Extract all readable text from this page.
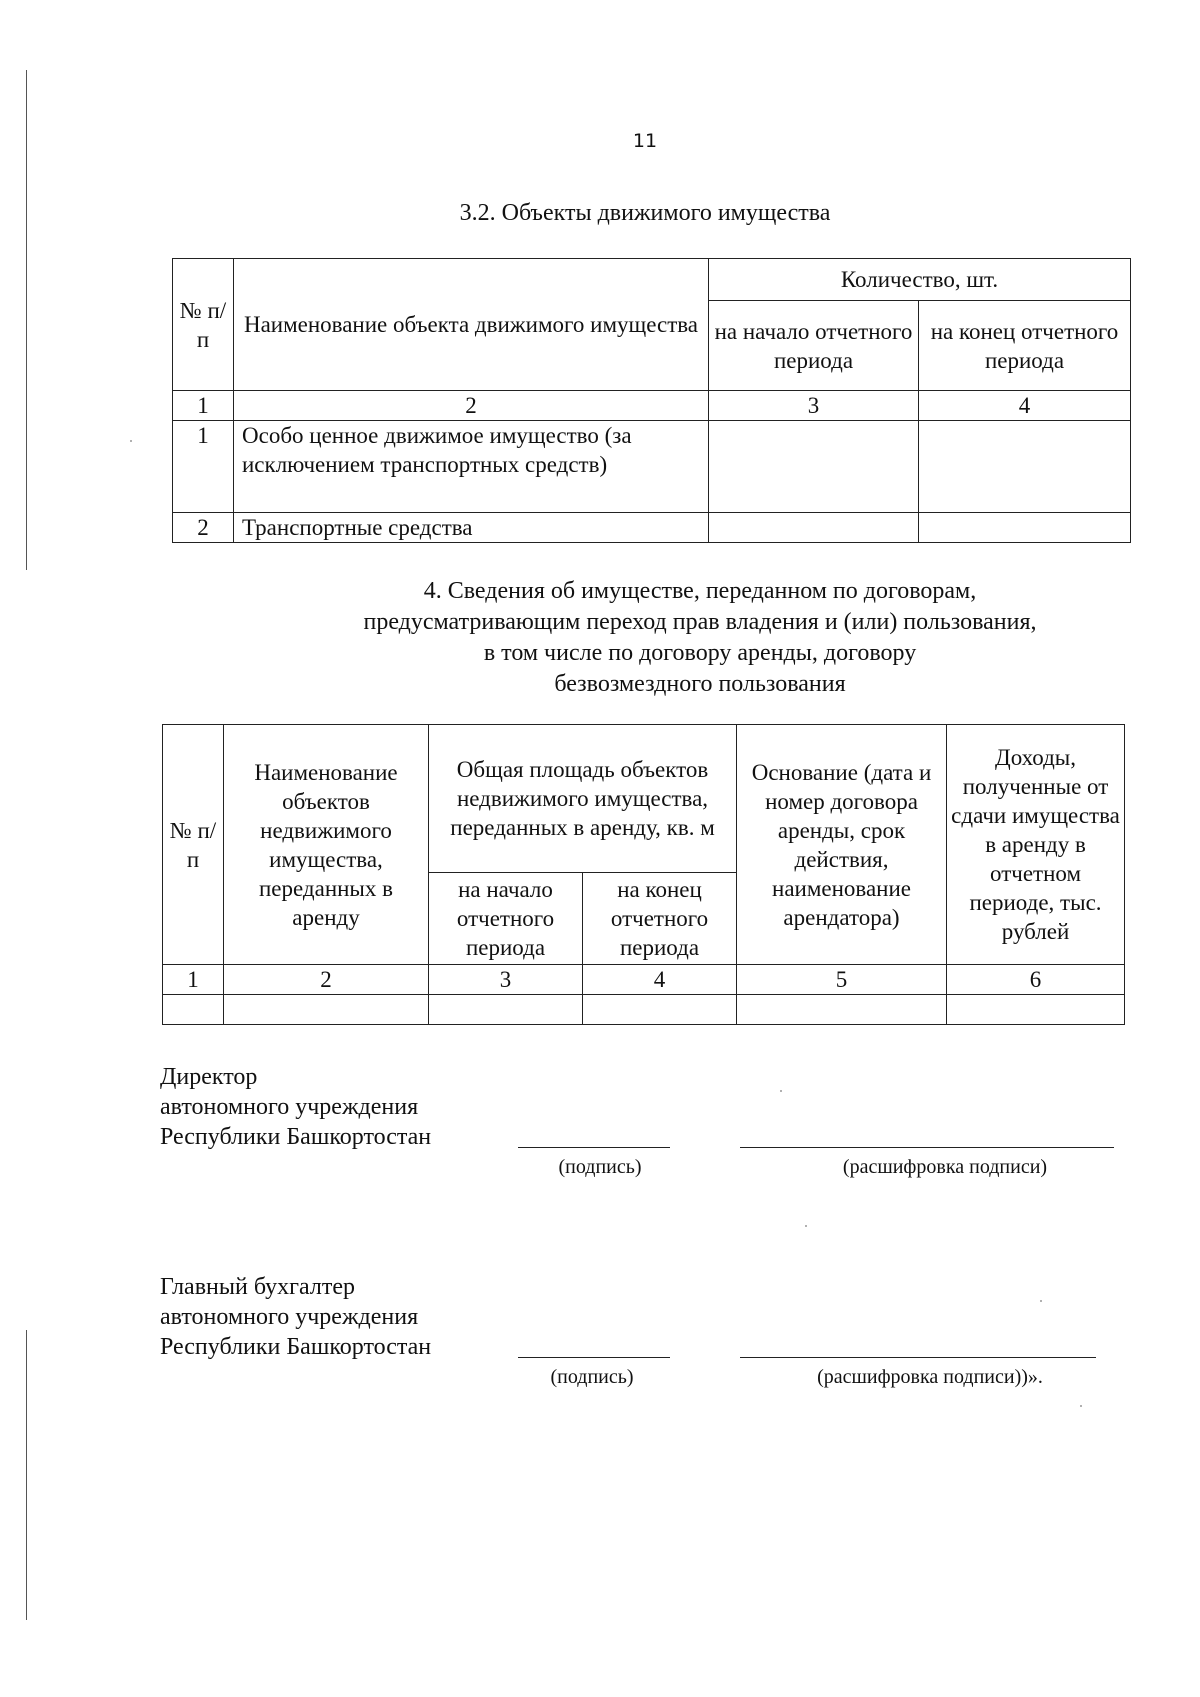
11
3.2. Объекты движимого имущества
№ п/п	Наименование объекта движимого имущества	Количество, шт.	
		на начало отчетного периода	на конец отчетного периода
1	2	3	4
1	Особо ценное движимое имущество (за исключением транспортных средств)		
2	Транспортные средства		
4. Сведения об имуществе, переданном по договорам,
предусматривающим переход прав владения и (или) пользования,
в том числе по договору аренды, договору
безвозмездного пользования
№ п/п	Наименование объектов недвижимого имущества, переданных в аренду	Общая площадь объектов недвижимого имущества, переданных в аренду, кв. м		Основание (дата и номер договора аренды, срок действия, наименование арендатора)	Доходы, полученные от сдачи имущества в аренду в отчетном периоде, тыс. рублей
		на начало отчетного периода	на конец отчетного периода		
1	2	3	4	5	6

Директор
автономного учреждения
Республики Башкортостан
(подпись)	(расшифровка подписи)
Главный бухгалтер
автономного учреждения
Республики Башкортостан
(подпись)	(расшифровка подписи))».
